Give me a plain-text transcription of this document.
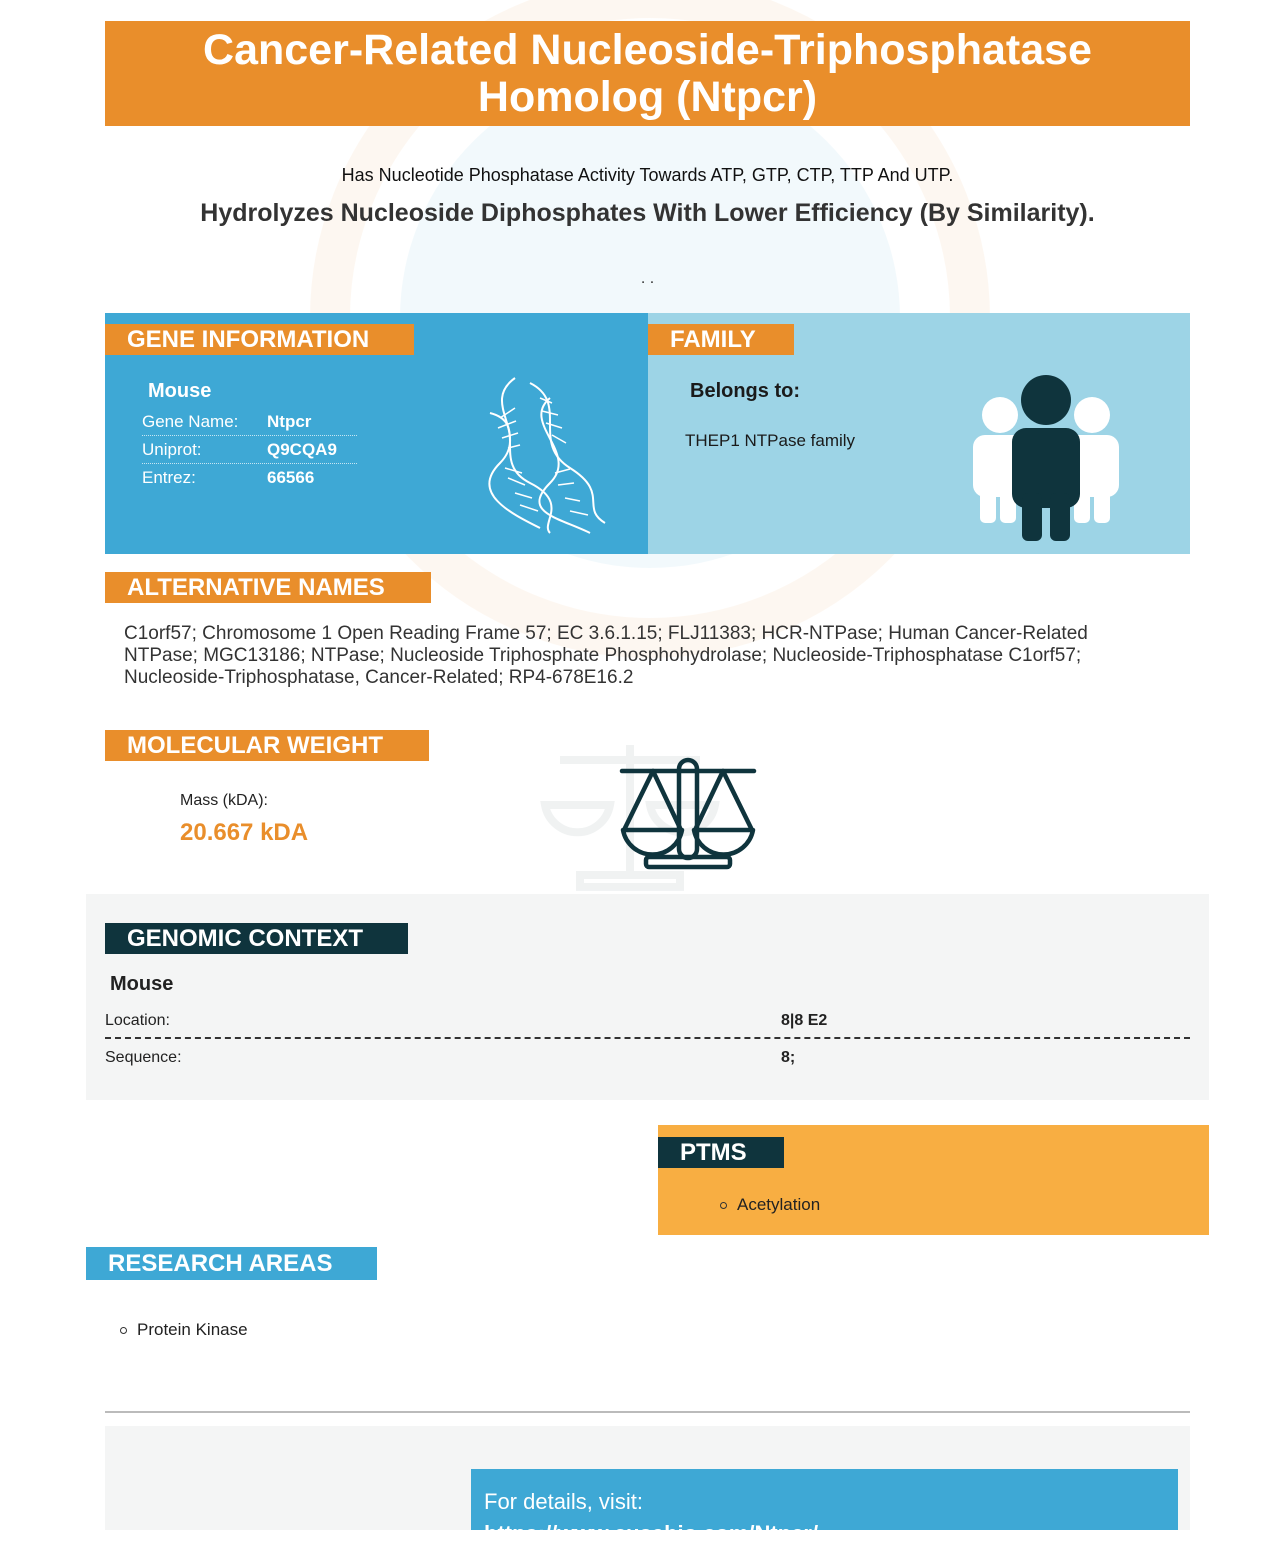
Cancer-Related Nucleoside-Triphosphatase Homolog (Ntpcr)
Has Nucleotide Phosphatase Activity Towards ATP, GTP, CTP, TTP And UTP.
Hydrolyzes Nucleoside Diphosphates With Lower Efficiency (By Similarity).
. .
GENE INFORMATION
Mouse
Gene Name:	Ntpcr
Uniprot:	Q9CQA9
Entrez:	66566
FAMILY
Belongs to:
THEP1 NTPase family
ALTERNATIVE NAMES
C1orf57; Chromosome 1 Open Reading Frame 57; EC 3.6.1.15; FLJ11383; HCR-NTPase; Human Cancer-Related NTPase; MGC13186; NTPase; Nucleoside Triphosphate Phosphohydrolase; Nucleoside-Triphosphatase C1orf57; Nucleoside-Triphosphatase, Cancer-Related; RP4-678E16.2
MOLECULAR WEIGHT
Mass (kDA):
20.667 kDA
GENOMIC CONTEXT
Mouse
Location:	8|8 E2
Sequence:	8;
PTMS
Acetylation
RESEARCH AREAS
Protein Kinase
For details, visit:
https://www.cusabio.com/Ntpcr/
